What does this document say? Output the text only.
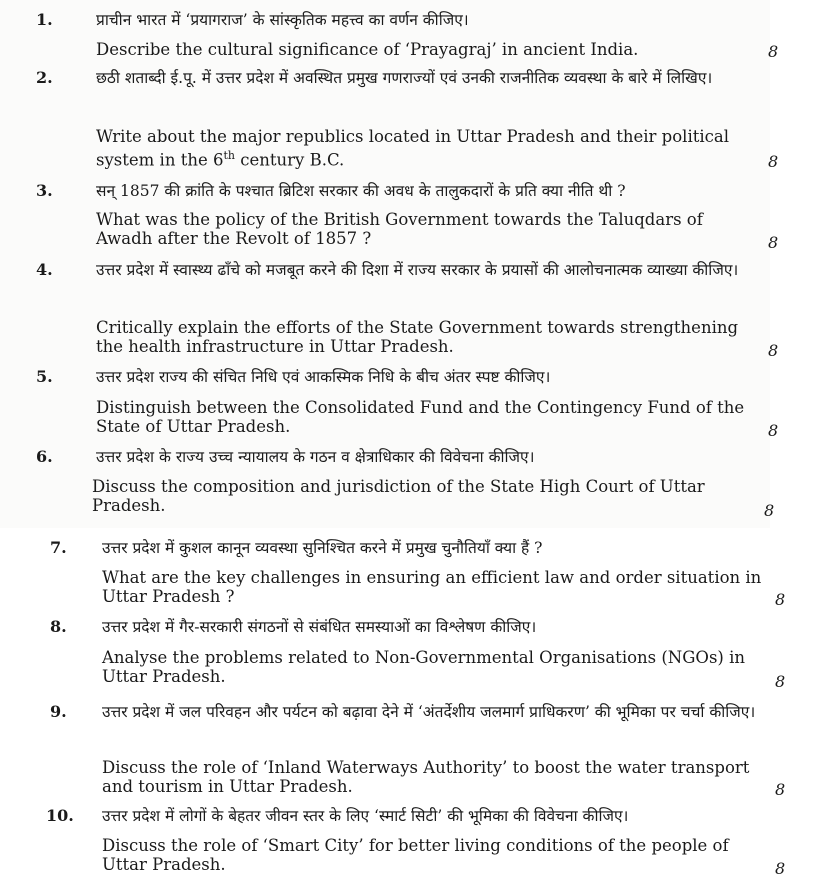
1.	प्राचीन भारत में ‘प्रयागराज’ के सांस्कृतिक महत्त्व का वर्णन कीजिए।
Describe the cultural significance of ‘Prayagraj’ in ancient India.	8
2.	छठी शताब्दी ई.पू. में उत्तर प्रदेश में अवस्थित प्रमुख गणराज्यों एवं उनकी राजनीतिक व्यवस्था के बारे में लिखिए।
Write about the major republics located in Uttar Pradesh and their political
system in the 6th century B.C.	8
3.	सन् 1857 की क्रांति के पश्चात ब्रिटिश सरकार की अवध के तालुकदारों के प्रति क्या नीति थी ?
What was the policy of the British Government towards the Taluqdars of Awadh after the Revolt of 1857 ?	8
4.	उत्तर प्रदेश में स्वास्थ्य ढाँचे को मजबूत करने की दिशा में राज्य सरकार के प्रयासों की आलोचनात्मक व्याख्या कीजिए।
Critically explain the efforts of the State Government towards strengthening the health infrastructure in Uttar Pradesh.	8
5.	उत्तर प्रदेश राज्य की संचित निधि एवं आकस्मिक निधि के बीच अंतर स्पष्ट कीजिए।
Distinguish between the Consolidated Fund and the Contingency Fund of the State of Uttar Pradesh.	8
6.	उत्तर प्रदेश के राज्य उच्च न्यायालय के गठन व क्षेत्राधिकार की विवेचना कीजिए।
Discuss the composition and jurisdiction of the State High Court of Uttar Pradesh.	8
7. उत्तर प्रदेश में कुशल कानून व्यवस्था सुनिश्चित करने में प्रमुख चुनौतियाँ क्या हैं ?
What are the key challenges in ensuring an efficient law and order situation in Uttar Pradesh ?	8
8. उत्तर प्रदेश में गैर-सरकारी संगठनों से संबंधित समस्याओं का विश्लेषण कीजिए।
Analyse the problems related to Non-Governmental Organisations (NGOs) in Uttar Pradesh.	8
9. उत्तर प्रदेश में जल परिवहन और पर्यटन को बढ़ावा देने में ‘अंतर्देशीय जलमार्ग प्राधिकरण’ की भूमिका पर चर्चा कीजिए।
Discuss the role of ‘Inland Waterways Authority’ to boost the water transport and tourism in Uttar Pradesh.	8
10. उत्तर प्रदेश में लोगों के बेहतर जीवन स्तर के लिए ‘स्मार्ट सिटी’ की भूमिका की विवेचना कीजिए।
Discuss the role of ‘Smart City’ for better living conditions of the people of Uttar Pradesh.	8
